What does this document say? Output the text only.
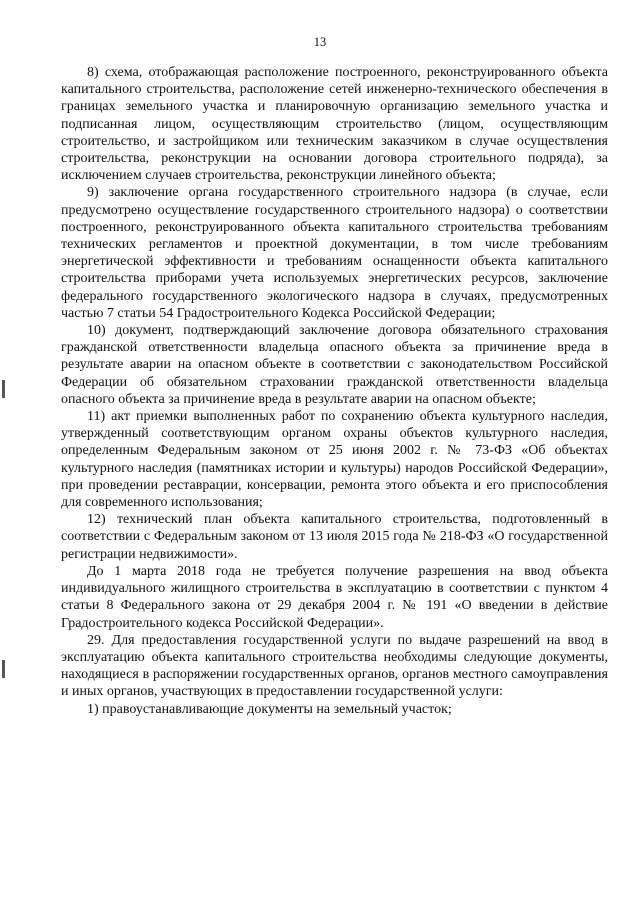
13

8) схема, отображающая расположение построенного, реконструированного объекта капитального строительства, расположение сетей инженерно-технического обеспечения в границах земельного участка и планировочную организацию земельного участка и подписанная лицом, осуществляющим строительство (лицом, осуществляющим строительство, и застройщиком или техническим заказчиком в случае осуществления строительства, реконструкции на основании договора строительного подряда), за исключением случаев строительства, реконструкции линейного объекта;

9) заключение органа государственного строительного надзора (в случае, если предусмотрено осуществление государственного строительного надзора) о соответствии построенного, реконструированного объекта капитального строительства требованиям технических регламентов и проектной документации, в том числе требованиям энергетической эффективности и требованиям оснащенности объекта капитального строительства приборами учета используемых энергетических ресурсов, заключение федерального государственного экологического надзора в случаях, предусмотренных частью 7 статьи 54 Градостроительного Кодекса Российской Федерации;

10) документ, подтверждающий заключение договора обязательного страхования гражданской ответственности владельца опасного объекта за причинение вреда в результате аварии на опасном объекте в соответствии с законодательством Российской Федерации об обязательном страховании гражданской ответственности владельца опасного объекта за причинение вреда в результате аварии на опасном объекте;

11) акт приемки выполненных работ по сохранению объекта культурного наследия, утвержденный соответствующим органом охраны объектов культурного наследия, определенным Федеральным законом от 25 июня 2002 г. № 73-ФЗ «Об объектах культурного наследия (памятниках истории и культуры) народов Российской Федерации», при проведении реставрации, консервации, ремонта этого объекта и его приспособления для современного использования;

12) технический план объекта капитального строительства, подготовленный в соответствии с Федеральным законом от 13 июля 2015 года № 218-ФЗ «О государственной регистрации недвижимости».

До 1 марта 2018 года не требуется получение разрешения на ввод объекта индивидуального жилищного строительства в эксплуатацию в соответствии с пунктом 4 статьи 8 Федерального закона от 29 декабря 2004 г. № 191 «О введении в действие Градостроительного кодекса Российской Федерации».

29. Для предоставления государственной услуги по выдаче разрешений на ввод в эксплуатацию объекта капитального строительства необходимы следующие документы, находящиеся в распоряжении государственных органов, органов местного самоуправления и иных органов, участвующих в предоставлении государственной услуги:

1) правоустанавливающие документы на земельный участок;
